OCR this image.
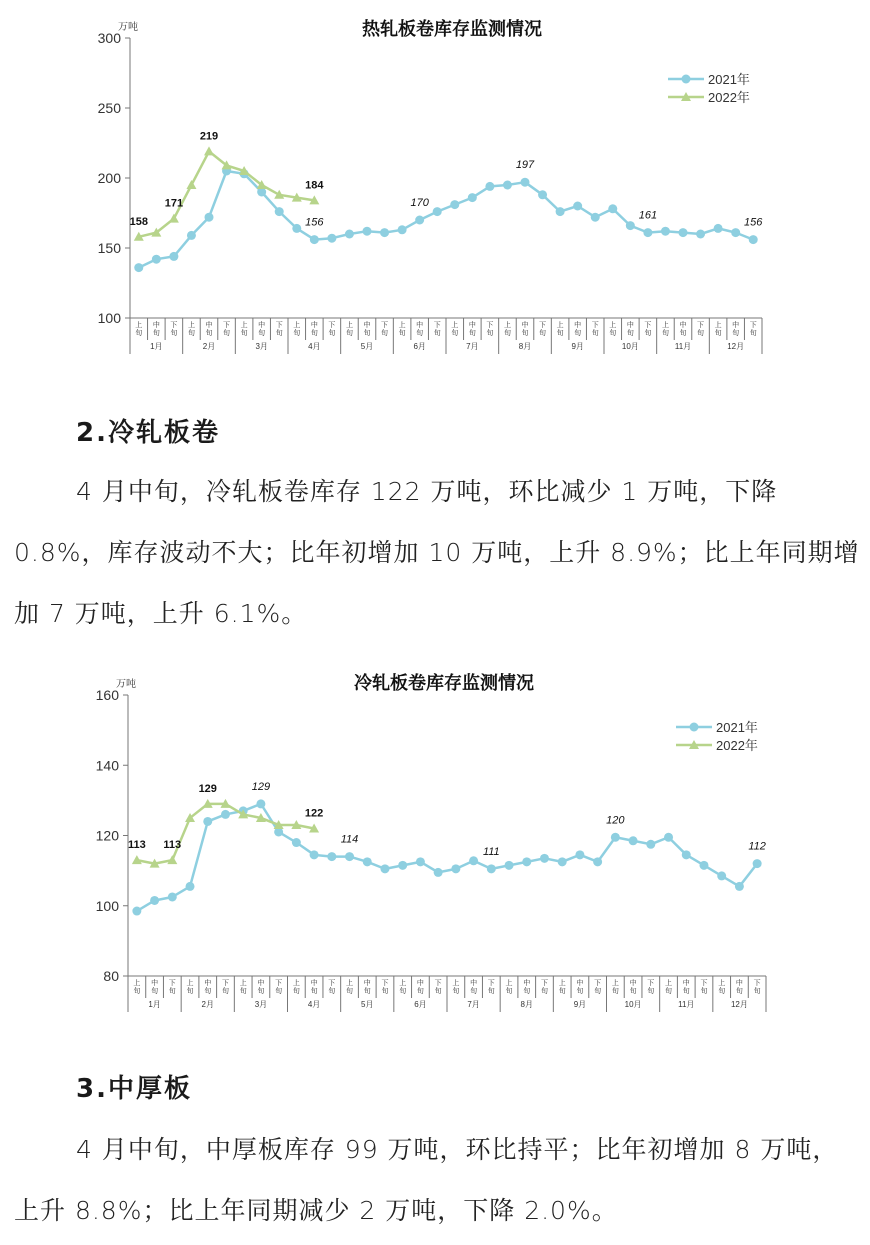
热轧板卷库存监测情况
万吨
100
150
200
250
300
上
旬
中
旬
下
旬
上
旬
中
旬
下
旬
上
旬
中
旬
下
旬
上
旬
中
旬
下
旬
上
旬
中
旬
下
旬
上
旬
中
旬
下
旬
上
旬
中
旬
下
旬
上
旬
中
旬
下
旬
上
旬
中
旬
下
旬
上
旬
中
旬
下
旬
上
旬
中
旬
下
旬
上
旬
中
旬
下
旬
1月	2月	3月	4月	5月	6月	7月	8月	9月	10月	11月	12月
156
170
197
161
156
158
171
219
184
2021年
2022年
2.冷轧板卷

4 月中旬，冷轧板卷库存 122 万吨，环比减少 1 万吨，下降 0.8%，库存波动不大；比年初增加 10 万吨，上升 8.9%；比上年同期增加 7 万吨，上升 6.1%。

冷轧板卷库存监测情况
万吨
80
100
120
140
160
上
旬
中
旬
下
旬
上
旬
中
旬
下
旬
上
旬
中
旬
下
旬
上
旬
中
旬
下
旬
上
旬
中
旬
下
旬
上
旬
中
旬
下
旬
上
旬
中
旬
下
旬
上
旬
中
旬
下
旬
上
旬
中
旬
下
旬
上
旬
中
旬
下
旬
上
旬
中
旬
下
旬
上
旬
中
旬
下
旬
1月	2月	3月	4月	5月	6月	7月	8月	9月	10月	11月	12月
129
114
111
120
112
113 113
129
122
2021年
2022年
3.中厚板

4 月中旬，中厚板库存 99 万吨，环比持平；比年初增加 8 万吨，上升 8.8%；比上年同期减少 2 万吨，下降 2.0%。
